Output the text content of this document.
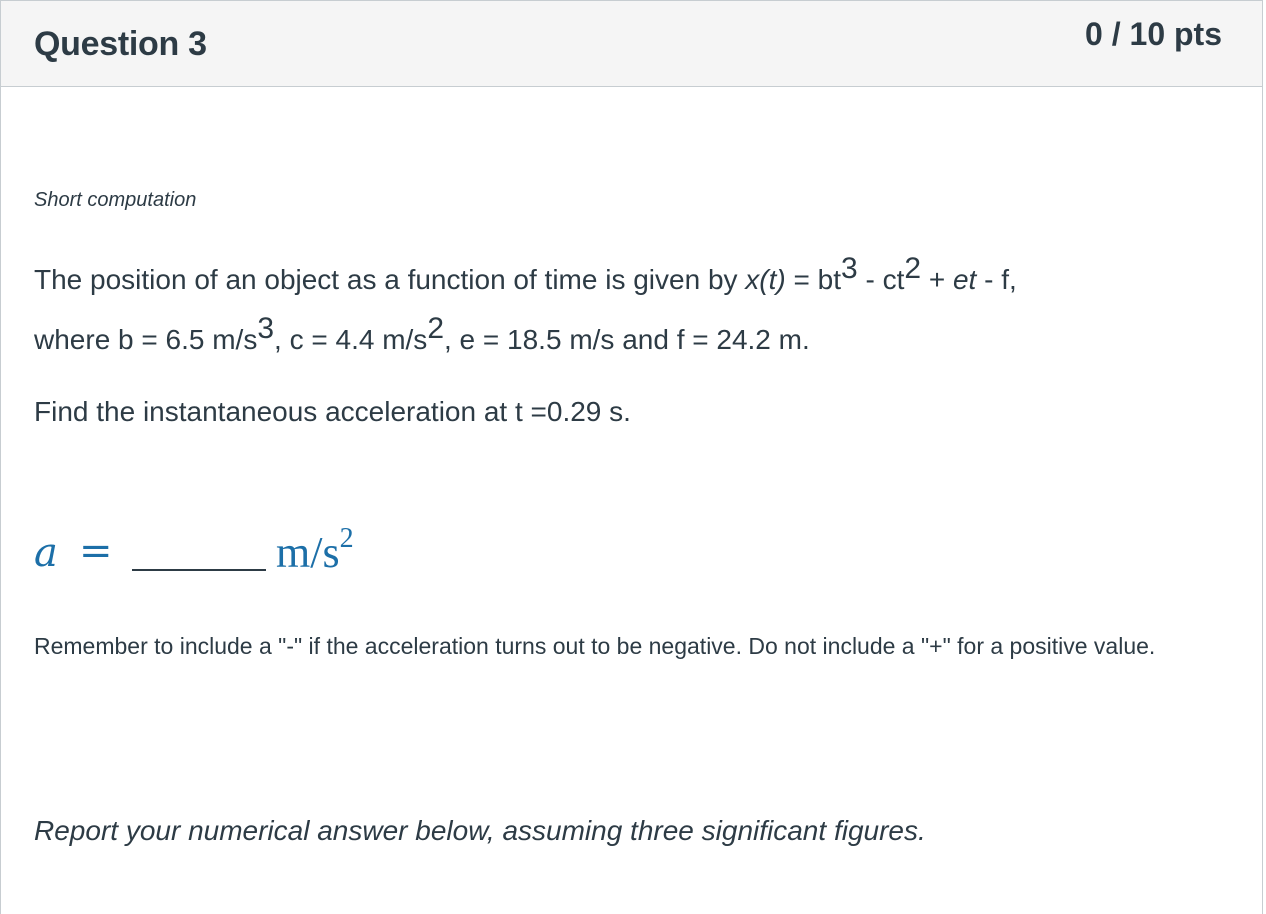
Question 3	0 / 10 pts
Short computation
The position of an object as a function of time is given by $x(t) = bt^3 - ct^2$ + et - f,
where b = 6.5 $m/s^3$, c = 4.4 $m/s^2$, e = 18.5 m/s and f = 24.2 m.
Find the instantaneous acceleration at t =0.29 s.
a =	$m/s^2$
Remember to include a "-" if the acceleration turns out to be negative. Do not include a "+" for a positive value.
Report your numerical answer below, assuming three significant figures.
